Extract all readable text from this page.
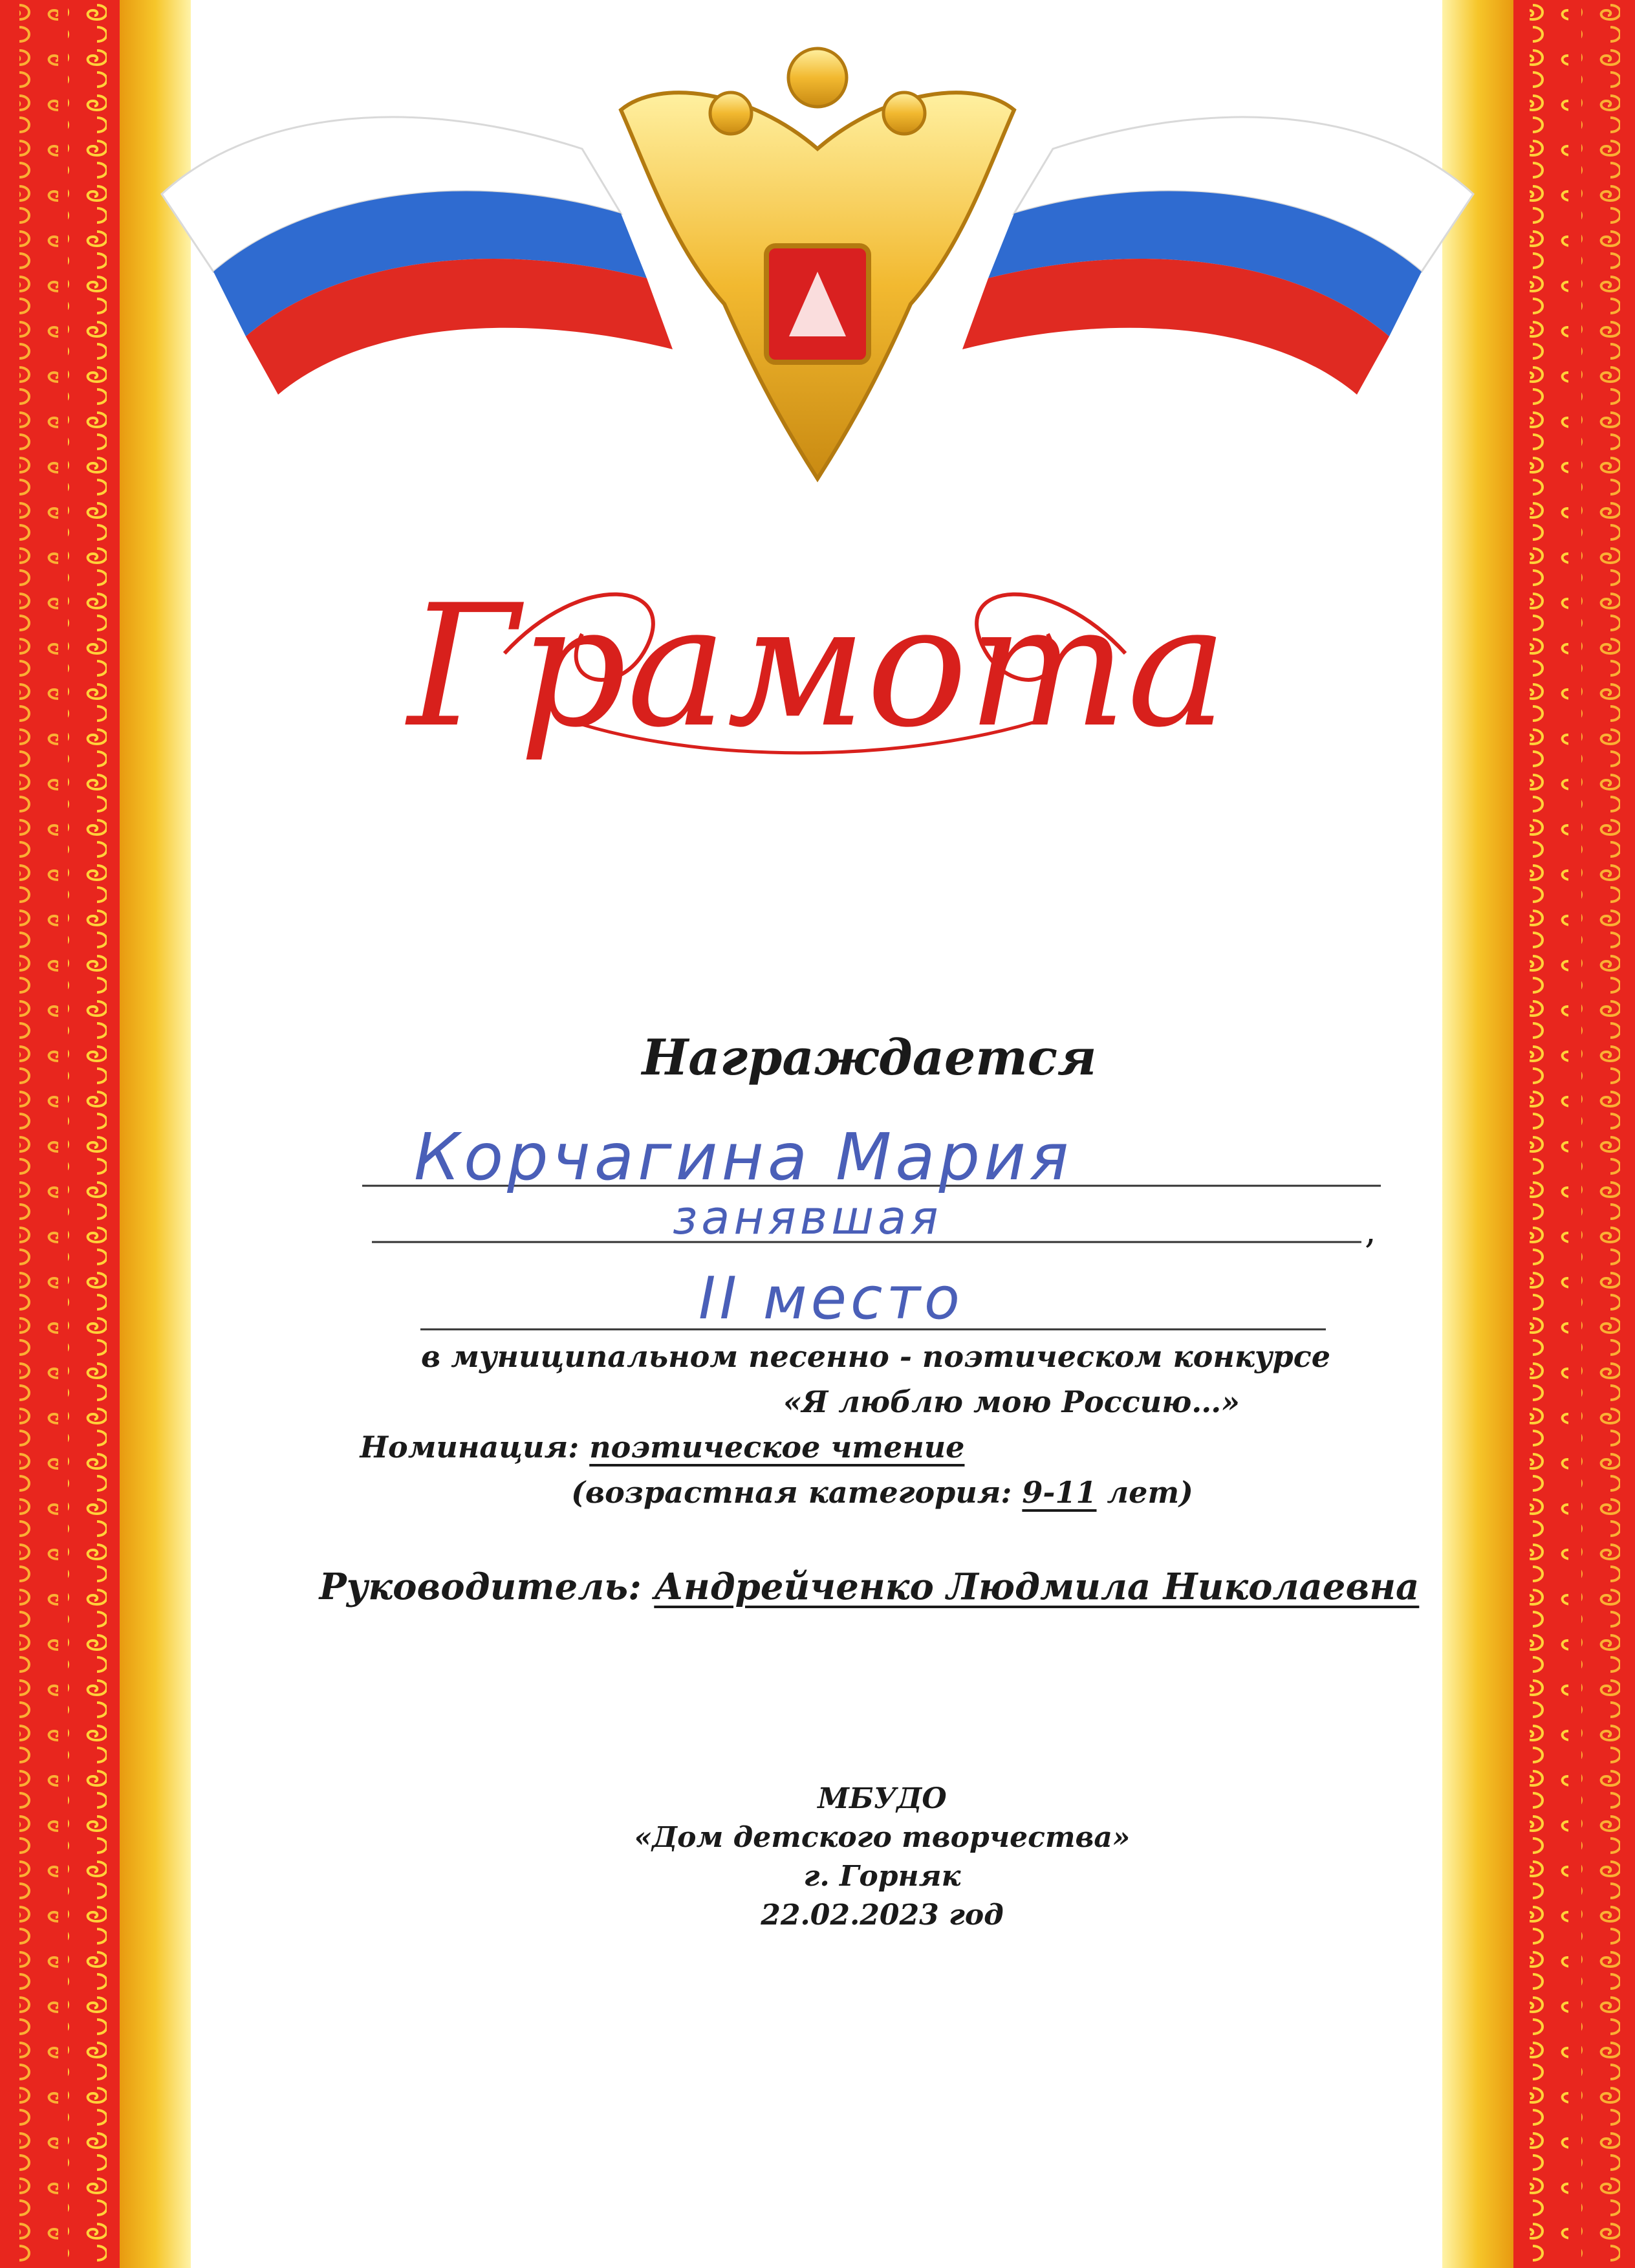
Грамота
Награждается
Корчагина Мария
занявшая	,
II место
в муниципальном песенно - поэтическом конкурсе
«Я люблю мою Россию…»
Номинация: поэтическое чтение
(возрастная категория: 9-11 лет)
Руководитель: Андрейченко Людмила Николаевна
МБУДО
«Дом детского творчества»
г. Горняк
22.02.2023 год
